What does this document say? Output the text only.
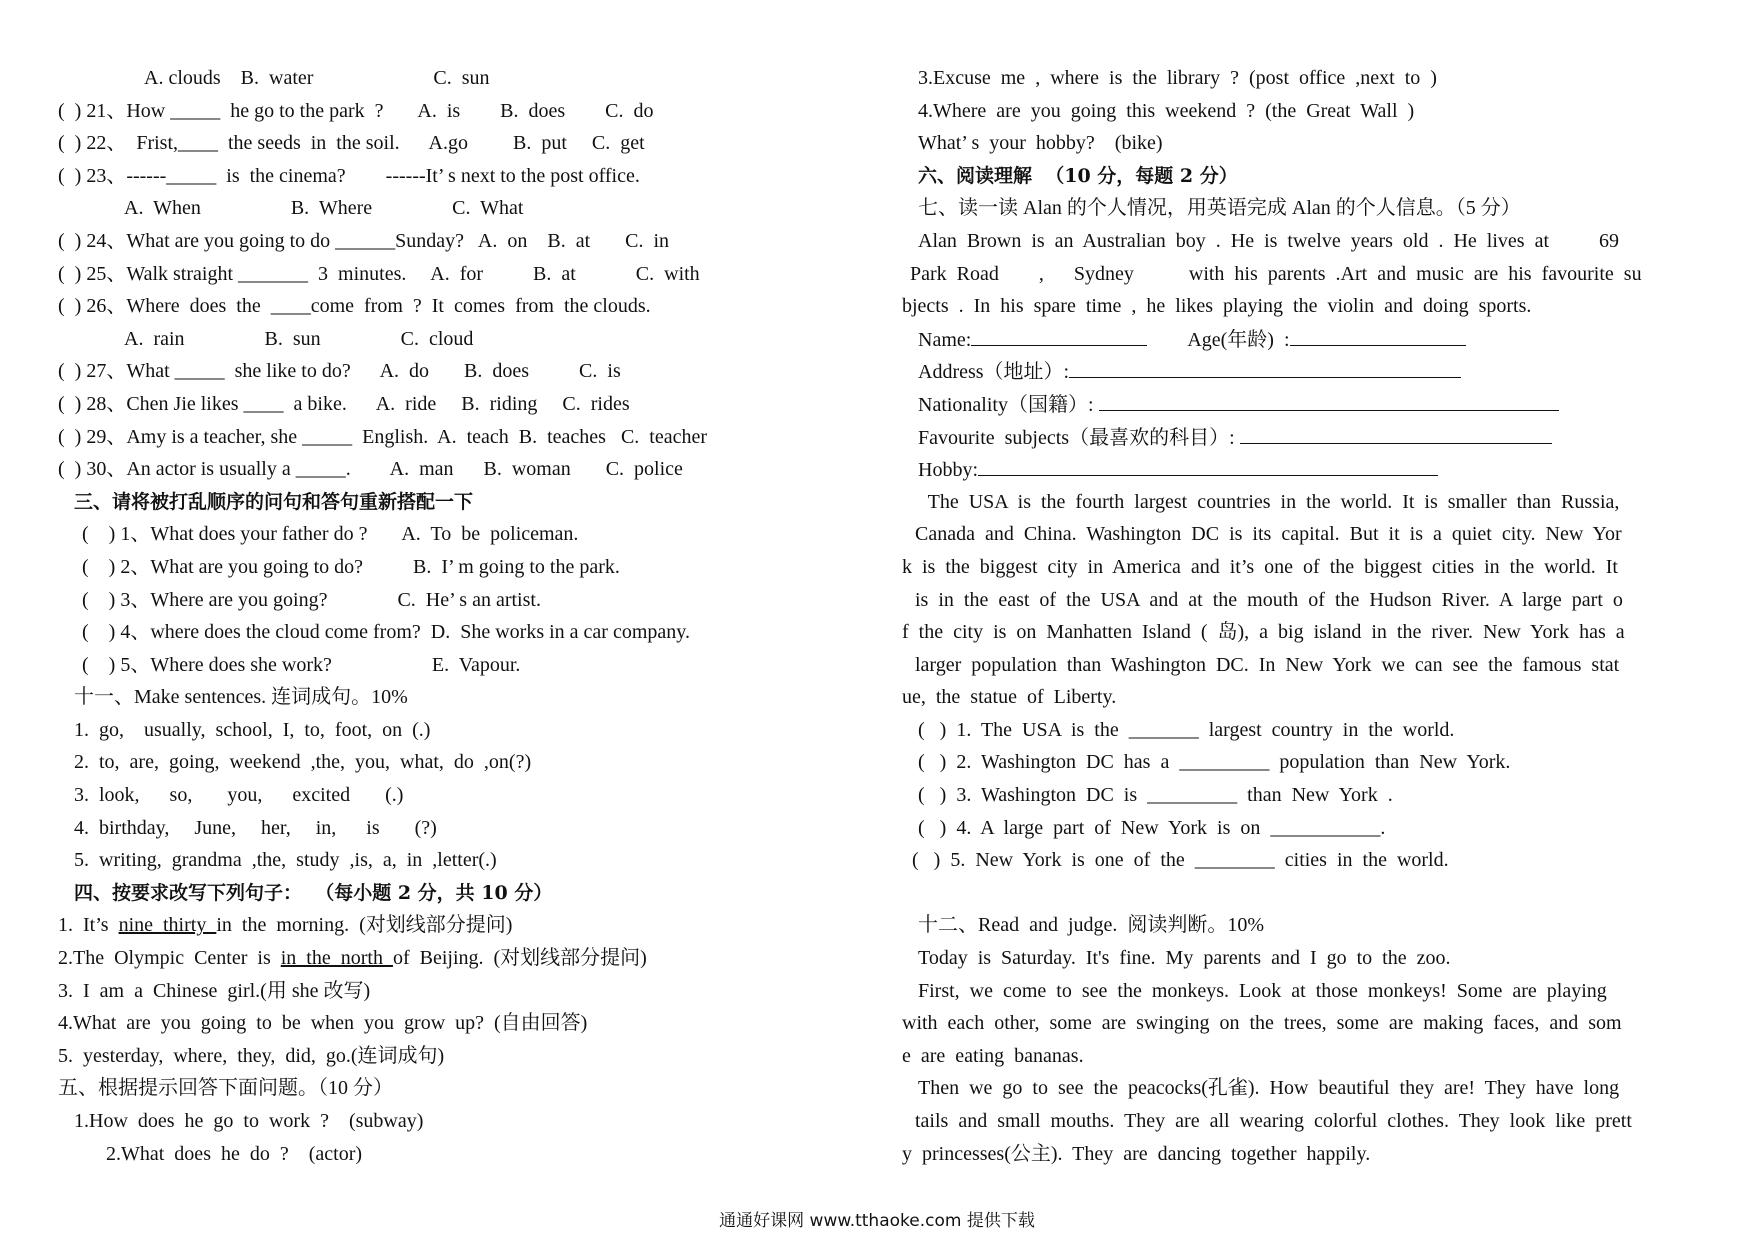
A. clouds    B.  water                        C.  sun
(  ) 21、How _____  he go to the park  ?       A.  is        B.  does        C.  do
(  ) 22、  Frist,____  the seeds  in  the soil.      A.go         B.  put     C.  get
(  ) 23、------_____  is  the cinema?        ------It’ s next to the post office.
A.  When                  B.  Where                C.  What
(  ) 24、What are you going to do ______Sunday?   A.  on    B.  at       C.  in
(  ) 25、Walk straight _______  3  minutes.     A.  for          B.  at            C.  with
(  ) 26、Where  does  the  ____come  from  ?  It  comes  from  the clouds.
A.  rain                B.  sun                C.  cloud
(  ) 27、What _____  she like to do?      A.  do       B.  does          C.  is
(  ) 28、Chen Jie likes ____  a bike.      A.  ride     B.  riding     C.  rides
(  ) 29、Amy is a teacher, she _____  English.  A.  teach  B.  teaches   C.  teacher
(  ) 30、An actor is usually a _____.        A.  man      B.  woman       C.  police
三、请将被打乱顺序的问句和答句重新搭配一下
(    ) 1、What does your father do ?       A.  To  be  policeman.
(    ) 2、What are you going to do?          B.  I’ m going to the park.
(    ) 3、Where are you going?              C.  He’ s an artist.
(    ) 4、where does the cloud come from?  D.  She works in a car company.
(    ) 5、Where does she work?                    E.  Vapour.
十一、Make sentences. 连词成句。10%
1.  go,    usually,  school,  I,  to,  foot,  on  (.)
2.  to,  are,  going,  weekend  ,the,  you,  what,  do  ,on(?)
3.  look,      so,       you,      excited       (.)
4.  birthday,     June,     her,     in,      is       (?)
5.  writing,  grandma  ,the,  study  ,is,  a,  in  ,letter(.)
四、按要求改写下列句子：  （每小题 2 分，共 10 分）
1.  It’s  nine  thirty  in  the  morning.  (对划线部分提问)
2.The  Olympic  Center  is  in  the  north  of  Beijing.  (对划线部分提问)
3.  I  am  a  Chinese  girl.(用 she 改写)
4.What  are  you  going  to  be  when  you  grow  up?  (自由回答)
5.  yesterday,  where,  they,  did,  go.(连词成句)
五、根据提示回答下面问题。（10 分）
1.How  does  he  go  to  work  ?    (subway)
2.What  does  he  do  ?    (actor)
3.Excuse  me  ,  where  is  the  library  ?  (post  office  ,next  to  )
4.Where  are  you  going  this  weekend  ?  (the  Great  Wall  )
What’ s  your  hobby?    (bike)
六、阅读理解  （10 分，每题 2 分）
七、读一读 Alan 的个人情况，用英语完成 Alan 的个人信息。（5 分）
Alan  Brown  is  an  Australian  boy  .  He  is  twelve  years  old  .  He  lives  at          69
Park  Road        ,      Sydney           with  his  parents  .Art  and  music  are  his  favourite  su
bjects  .  In  his  spare  time  ,  he  likes  playing  the  violin  and  doing  sports.
Name:	Age(年龄)  :
Address（地址）:
Nationality（国籍）:
Favourite  subjects（最喜欢的科目）:
Hobby:
The  USA  is  the  fourth  largest  countries  in  the  world.  It  is  smaller  than  Russia,
Canada  and  China.  Washington  DC  is  its  capital.  But  it  is  a  quiet  city.  New  Yor
k  is  the  biggest  city  in  America  and  it’s  one  of  the  biggest  cities  in  the  world.  It
is  in  the  east  of  the  USA  and  at  the  mouth  of  the  Hudson  River.  A  large  part  o
f  the  city  is  on  Manhatten  Island  (  岛),  a  big  island  in  the  river.  New  York  has  a
larger  population  than  Washington  DC.  In  New  York  we  can  see  the  famous  stat
ue,  the  statue  of  Liberty.
(   )  1.  The  USA  is  the  _______  largest  country  in  the  world.
(   )  2.  Washington  DC  has  a  _________  population  than  New  York.
(   )  3.  Washington  DC  is  _________  than  New  York  .
(   )  4.  A  large  part  of  New  York  is  on  ___________.
(   )  5.  New  York  is  one  of  the  ________  cities  in  the  world.
十二、Read  and  judge.  阅读判断。10%
Today  is  Saturday.  It's  fine.  My  parents  and  I  go  to  the  zoo.
First,  we  come  to  see  the  monkeys.  Look  at  those  monkeys!  Some  are  playing
with  each  other,  some  are  swinging  on  the  trees,  some  are  making  faces,  and  som
e  are  eating  bananas.
Then  we  go  to  see  the  peacocks(孔雀).  How  beautiful  they  are!  They  have  long
tails  and  small  mouths.  They  are  all  wearing  colorful  clothes.  They  look  like  prett
y  princesses(公主).  They  are  dancing  together  happily.
通通好课网 www.tthaoke.com 提供下载
